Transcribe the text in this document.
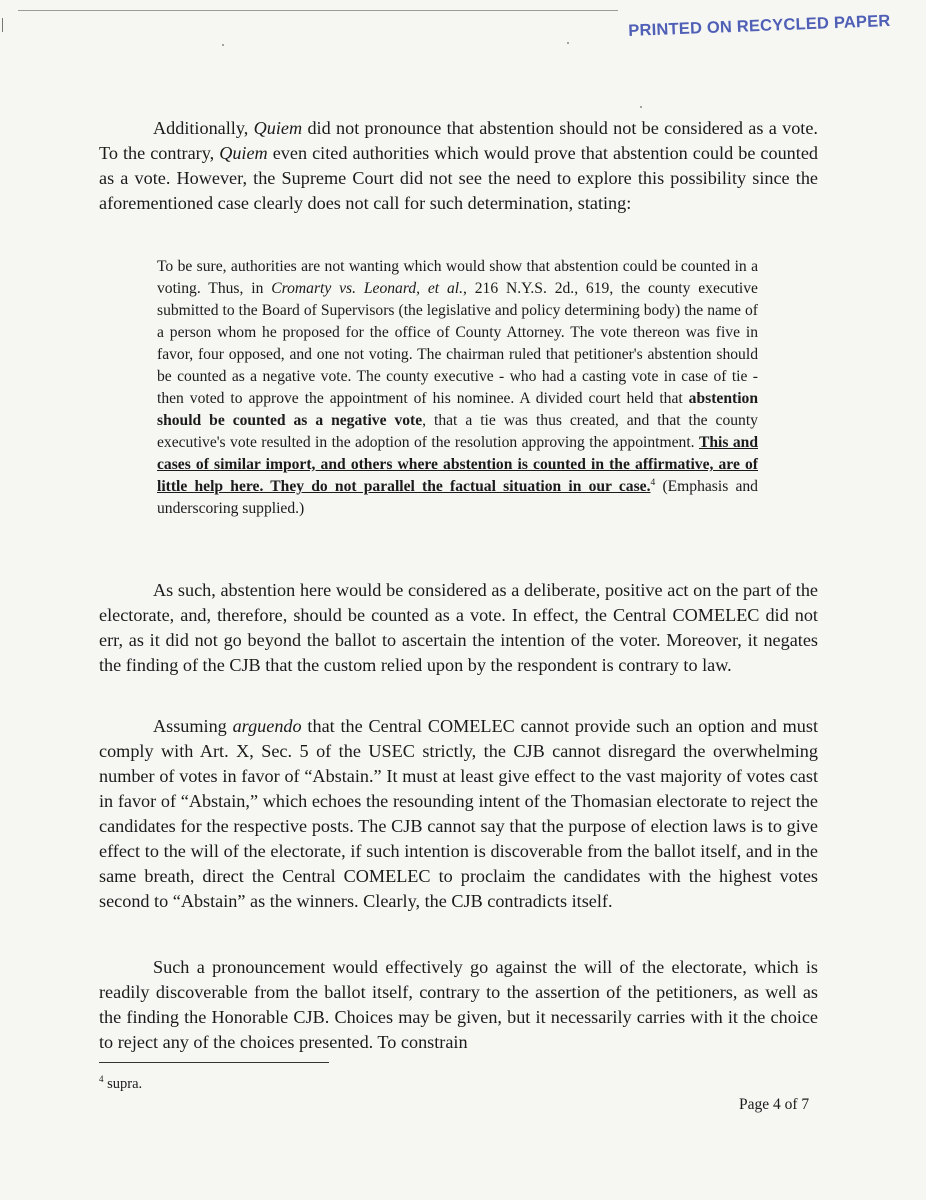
PRINTED ON RECYCLED PAPER

Additionally, Quiem did not pronounce that abstention should not be considered as a vote. To the contrary, Quiem even cited authorities which would prove that abstention could be counted as a vote. However, the Supreme Court did not see the need to explore this possibility since the aforementioned case clearly does not call for such determination, stating:

To be sure, authorities are not wanting which would show that abstention could be counted in a voting. Thus, in Cromarty vs. Leonard, et al., 216 N.Y.S. 2d., 619, the county executive submitted to the Board of Supervisors (the legislative and policy determining body) the name of a person whom he proposed for the office of County Attorney. The vote thereon was five in favor, four opposed, and one not voting. The chairman ruled that petitioner's abstention should be counted as a negative vote. The county executive - who had a casting vote in case of tie - then voted to approve the appointment of his nominee. A divided court held that abstention should be counted as a negative vote, that a tie was thus created, and that the county executive's vote resulted in the adoption of the resolution approving the appointment. This and cases of similar import, and others where abstention is counted in the affirmative, are of little help here. They do not parallel the factual situation in our case.$^4$ (Emphasis and underscoring supplied.)

As such, abstention here would be considered as a deliberate, positive act on the part of the electorate, and, therefore, should be counted as a vote. In effect, the Central COMELEC did not err, as it did not go beyond the ballot to ascertain the intention of the voter. Moreover, it negates the finding of the CJB that the custom relied upon by the respondent is contrary to law.

Assuming arguendo that the Central COMELEC cannot provide such an option and must comply with Art. X, Sec. 5 of the USEC strictly, the CJB cannot disregard the overwhelming number of votes in favor of “Abstain.” It must at least give effect to the vast majority of votes cast in favor of “Abstain,” which echoes the resounding intent of the Thomasian electorate to reject the candidates for the respective posts. The CJB cannot say that the purpose of election laws is to give effect to the will of the electorate, if such intention is discoverable from the ballot itself, and in the same breath, direct the Central COMELEC to proclaim the candidates with the highest votes second to “Abstain” as the winners. Clearly, the CJB contradicts itself.

Such a pronouncement would effectively go against the will of the electorate, which is readily discoverable from the ballot itself, contrary to the assertion of the petitioners, as well as the finding the Honorable CJB. Choices may be given, but it necessarily carries with it the choice to reject any of the choices presented. To constrain

$^4$ supra.
Page 4 of 7
